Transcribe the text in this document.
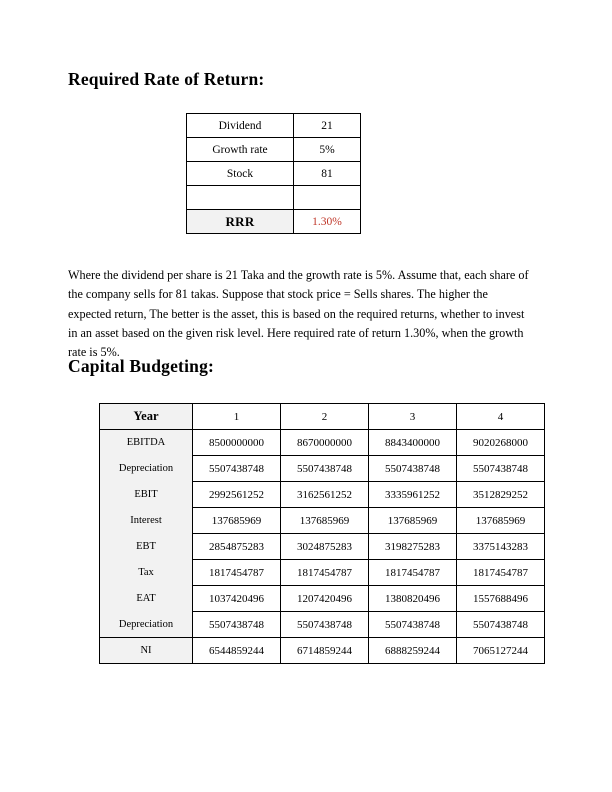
Required Rate of Return:
Dividend	21
Growth rate	5%
Stock	81

RRR	1.30%

Where the dividend per share is 21 Taka and the growth rate is 5%. Assume that, each share of the company sells for 81 takas. Suppose that stock price = Sells shares. The higher the expected return, The better is the asset, this is based on the required returns, whether to invest in an asset based on the given risk level. Here required rate of return 1.30%, when the growth rate is 5%.

Capital Budgeting:
Year	1	2	3	4
EBITDA	8500000000	8670000000	8843400000	9020268000
Depreciation	5507438748	5507438748	5507438748	5507438748
EBIT	2992561252	3162561252	3335961252	3512829252
Interest	137685969	137685969	137685969	137685969
EBT	2854875283	3024875283	3198275283	3375143283
Tax	1817454787	1817454787	1817454787	1817454787
EAT	1037420496	1207420496	1380820496	1557688496
Depreciation	5507438748	5507438748	5507438748	5507438748
NI	6544859244	6714859244	6888259244	7065127244
